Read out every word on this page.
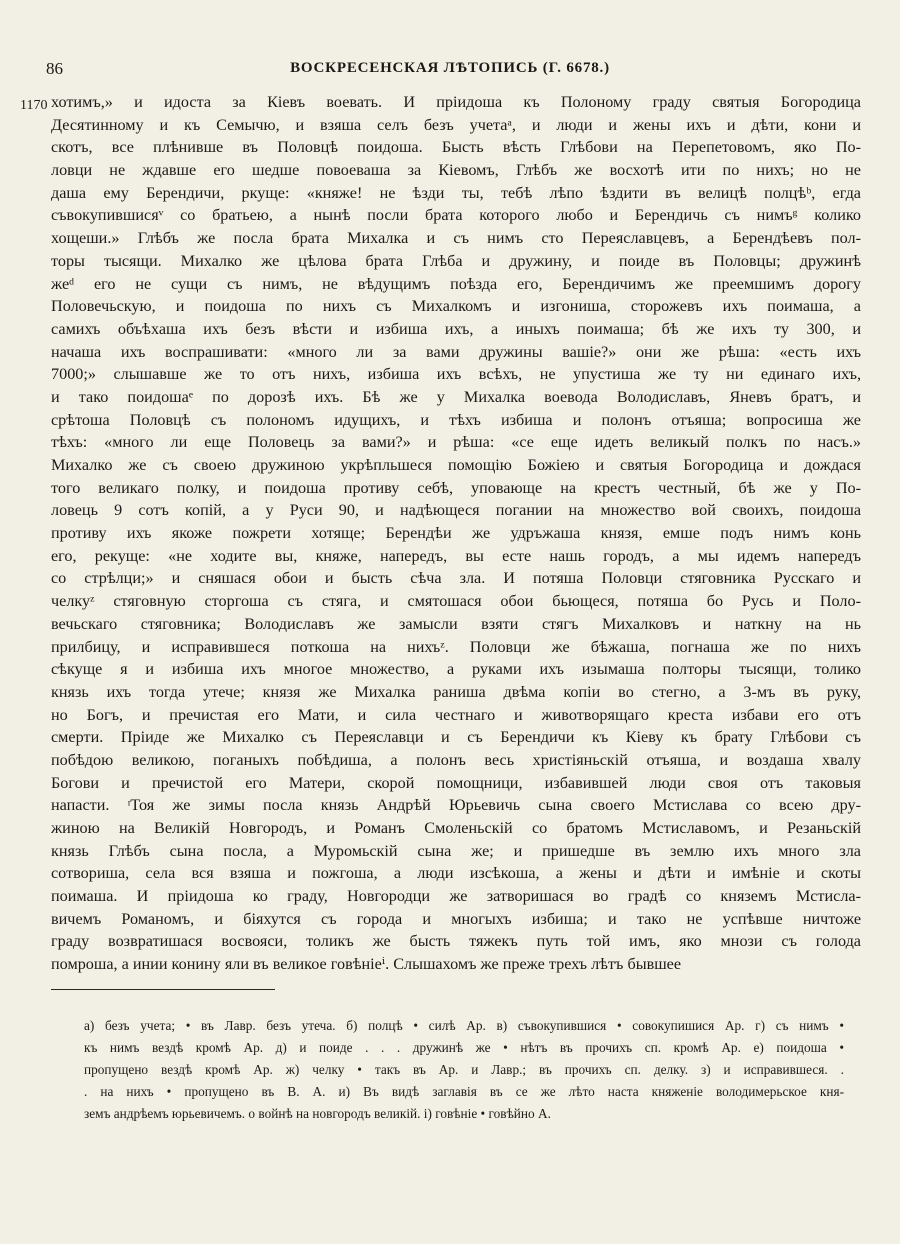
86	ВОСКРЕСЕНСКАЯ ЛѢТОПИСЬ (Г. 6678.)
1170 хотимъ,» и идоста за Кіевъ воевать. И пріидоша къ Полоному граду святыя Богородица
Десятинному и къ Семычю, и взяша селъ безъ учетаᵃ, и люди и жены ихъ и дѣти, кони и
скотъ, все плѣнивше въ Половцѣ поидоша. Бысть вѣсть Глѣбови на Перепетовомъ, яко По-
ловци не ждавше его шедше повоеваша за Кіевомъ, Глѣбъ же восхотѣ ити по нихъ; но не
даша ему Берендичи, ркуще: «княже! не ѣзди ты, тебѣ лѣпо ѣздити въ велицѣ полцѣᵇ, егда
съвокупившисяᵛ со братьею, а нынѣ посли брата которого любо и Берендичь съ нимъᵍ колико
хощеши.» Глѣбъ же посла брата Михалка и съ нимъ сто Переяславцевъ, а Берендѣевъ пол-
торы тысящи. Михалко же цѣлова брата Глѣба и дружину, и поиде въ Половцы; дружинѣ
жеᵈ его не сущи съ нимъ, не вѣдущимъ поѣзда его, Берендичимъ же преемшимъ дорогу
Половечьскую, и поидоша по нихъ съ Михалкомъ и изгониша, сторожевъ ихъ поимаша, а
самихъ объѣхаша ихъ безъ вѣсти и избиша ихъ, а иныхъ поимаша; бѣ же ихъ ту 300, и
начаша ихъ воспрашивати: «много ли за вами дружины вашіе?» они же рѣша: «есть ихъ
7000;» слышавше же то отъ нихъ, избиша ихъ всѣхъ, не упустиша же ту ни единаго ихъ,
и тако поидошаᵉ по дорозѣ ихъ. Бѣ же у Михалка воевода Володиславъ, Яневъ братъ, и
срѣтоша Половцѣ съ полономъ идущихъ, и тѣхъ избиша и полонъ отъяша; вопросиша же
тѣхъ: «много ли еще Половець за вами?» и рѣша: «се еще идеть великый полкъ по насъ.»
Михалко же съ своею дружиною укрѣпльшеся помощію Божіею и святыя Богородица и дождася
того великаго полку, и поидоша противу себѣ, уповающе на крестъ честный, бѣ же у По-
ловець 9 сотъ копій, а у Руси 90, и надѣющеся погании на множество вой своихъ, поидоша
противу ихъ якоже пожрети хотяще; Берендѣи же удръжаша князя, емше подъ нимъ конь
его, рекуще: «не ходите вы, княже, напередъ, вы есте нашь городъ, а мы идемъ напередъ
со стрѣлци;» и сняшася обои и бысть сѣча зла. И потяша Половци стяговника Русскаго и
челкуᶻ стяговную сторгоша съ стяга, и смятошася обои бьющеся, потяша бо Русь и Поло-
вечьскаго стяговника; Володиславъ же замысли взяти стягъ Михалковъ и наткну на нь
прилбицу, и исправившеся поткоша на нихъᶻ. Половци же бѣжаша, погнаша же по нихъ
сѣкуще я и избиша ихъ многое множество, а руками ихъ изымаша полторы тысящи, толико
князь ихъ тогда утече; князя же Михалка раниша двѣма копіи во стегно, а 3-мъ въ руку,
но Богъ, и пречистая его Мати, и сила честнаго и животворящаго креста избави его отъ
смерти. Пріиде же Михалко съ Переяславци и съ Берендичи къ Кіеву къ брату Глѣбови съ
побѣдою великою, поганыхъ побѣдиша, а полонъ весь христіяньскій отъяша, и воздаша хвалу
Богови и пречистой его Матери, скорой помощници, избавившей люди своя отъ таковыя
напасти. ᶦТоя же зимы посла князь Андрѣй Юрьевичь сына своего Мстислава со всею дру-
жиною на Великій Новгородъ, и Романъ Смоленьскій со братомъ Мстиславомъ, и Резаньскій
князь Глѣбъ сына посла, а Муромьскій сына же; и пришедше въ землю ихъ много зла
сотвориша, села вся взяша и пожгоша, а люди изсѣкоша, а жены и дѣти и имѣніе и скоты
поимаша. И пріидоша ко граду, Новгородци же затворишася во градѣ со княземъ Мстисла-
вичемъ Романомъ, и біяхутся съ города и многыхъ избиша; и тако не успѣвше ничтоже
граду возвратишася восвояси, толикъ же бысть тяжекъ путь той имъ, яко мнози съ голода
помроша, а инии конину яли въ великое говѣніеⁱ. Слышахомъ же преже трехъ лѣтъ бывшее
а) безъ учета; • въ Лавр. безъ утеча. б) полцѣ • силѣ Ар. в) съвокупившися • совокупишися Ар. г) съ нимъ •
къ нимъ вездѣ кромѣ Ар. д) и поиде . . . дружинѣ же • нѣтъ въ прочихъ сп. кромѣ Ар. е) поидоша •
пропущено вездѣ кромѣ Ар. ж) челку • такъ въ Ар. и Лавр.; въ прочихъ сп. делку. з) и исправившеся. .
. на нихъ • пропущено въ В. А. и) Въ видѣ заглавія въ се же лѣто наста княженіе володимерьское кня-
земъ андрѣемъ юрьевичемъ. о войнѣ на новгородъ великій. і) говѣніе • говѣйно А.
